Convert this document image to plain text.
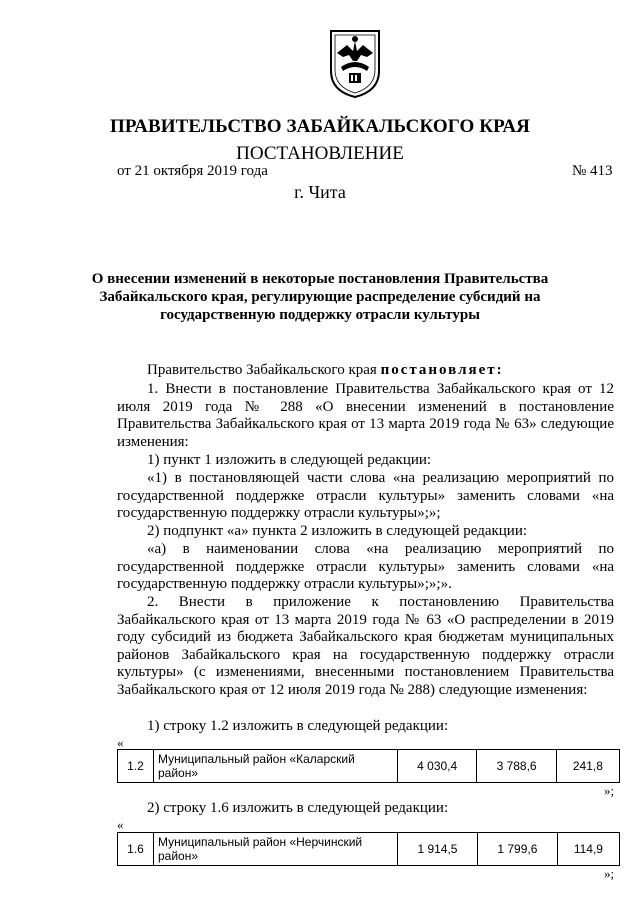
ПРАВИТЕЛЬСТВО ЗАБАЙКАЛЬСКОГО КРАЯ
ПОСТАНОВЛЕНИЕ
от 21 октября 2019 года	№ 413
г. Чита
О внесении изменений в некоторые постановления Правительства
Забайкальского края, регулирующие распределение субсидий на
государственную поддержку отрасли культуры
Правительство Забайкальского края постановляет:
1. Внести в постановление Правительства Забайкальского края от 12 июля 2019 года № 288 «О внесении изменений в постановление Правительства Забайкальского края от 13 марта 2019 года № 63» следующие изменения:
1) пункт 1 изложить в следующей редакции:
«1) в постановляющей части слова «на реализацию мероприятий по государственной поддержке отрасли культуры» заменить словами «на государственную поддержку отрасли культуры»;»;
2) подпункт «а» пункта 2 изложить в следующей редакции:
«а) в наименовании слова «на реализацию мероприятий по государственной поддержке отрасли культуры» заменить словами «на государственную поддержку отрасли культуры»;»;».
2. Внести в приложение к постановлению Правительства Забайкальского края от 13 марта 2019 года № 63 «О распределении в 2019 году субсидий из бюджета Забайкальского края бюджетам муниципальных районов Забайкальского края на государственную поддержку отрасли культуры» (с изменениями, внесенными постановлением Правительства Забайкальского края от 12 июля 2019 года № 288) следующие изменения:
1) строку 1.2 изложить в следующей редакции:
«
1.2	Муниципальный район «Каларский район»	4 030,4	3 788,6	241,8
»;
2) строку 1.6 изложить в следующей редакции:
«
1.6	Муниципальный район «Нерчинский район»	1 914,5	1 799,6	114,9
»;
